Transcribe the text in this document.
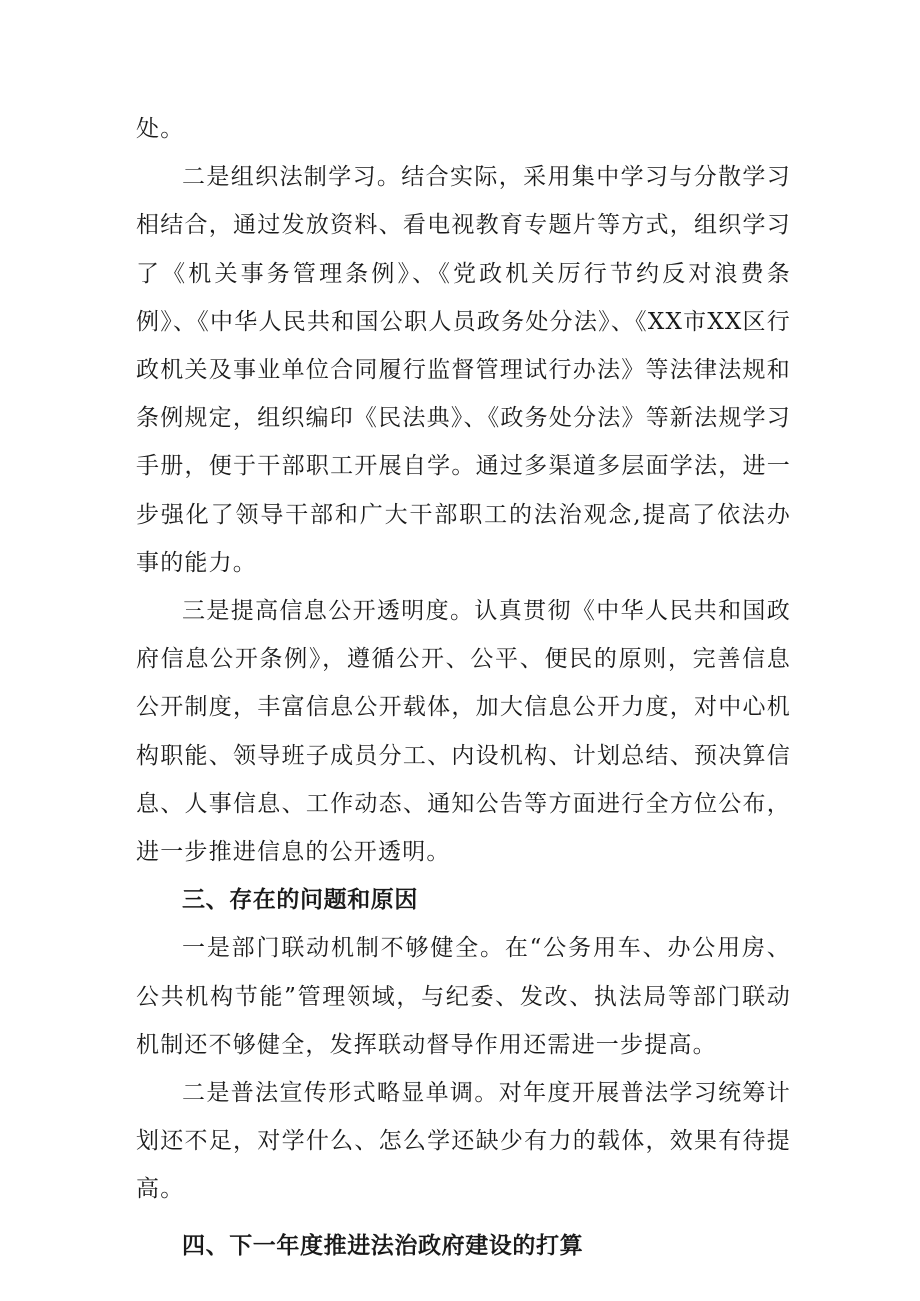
处。

二是组织法制学习。结合实际，采用集中学习与分散学习相结合，通过发放资料、看电视教育专题片等方式，组织学习了《机关事务管理条例》、《党政机关厉行节约反对浪费条例》、《中华人民共和国公职人员政务处分法》、《XX市XX区行政机关及事业单位合同履行监督管理试行办法》等法律法规和条例规定，组织编印《民法典》、《政务处分法》等新法规学习手册，便于干部职工开展自学。通过多渠道多层面学法，进一步强化了领导干部和广大干部职工的法治观念,提高了依法办事的能力。

三是提高信息公开透明度。认真贯彻《中华人民共和国政府信息公开条例》，遵循公开、公平、便民的原则，完善信息公开制度，丰富信息公开载体，加大信息公开力度，对中心机构职能、领导班子成员分工、内设机构、计划总结、预决算信息、人事信息、工作动态、通知公告等方面进行全方位公布，进一步推进信息的公开透明。

三、存在的问题和原因

一是部门联动机制不够健全。在“公务用车、办公用房、公共机构节能”管理领域，与纪委、发改、执法局等部门联动机制还不够健全，发挥联动督导作用还需进一步提高。

二是普法宣传形式略显单调。对年度开展普法学习统筹计划还不足，对学什么、怎么学还缺少有力的载体，效果有待提高。

四、下一年度推进法治政府建设的打算
